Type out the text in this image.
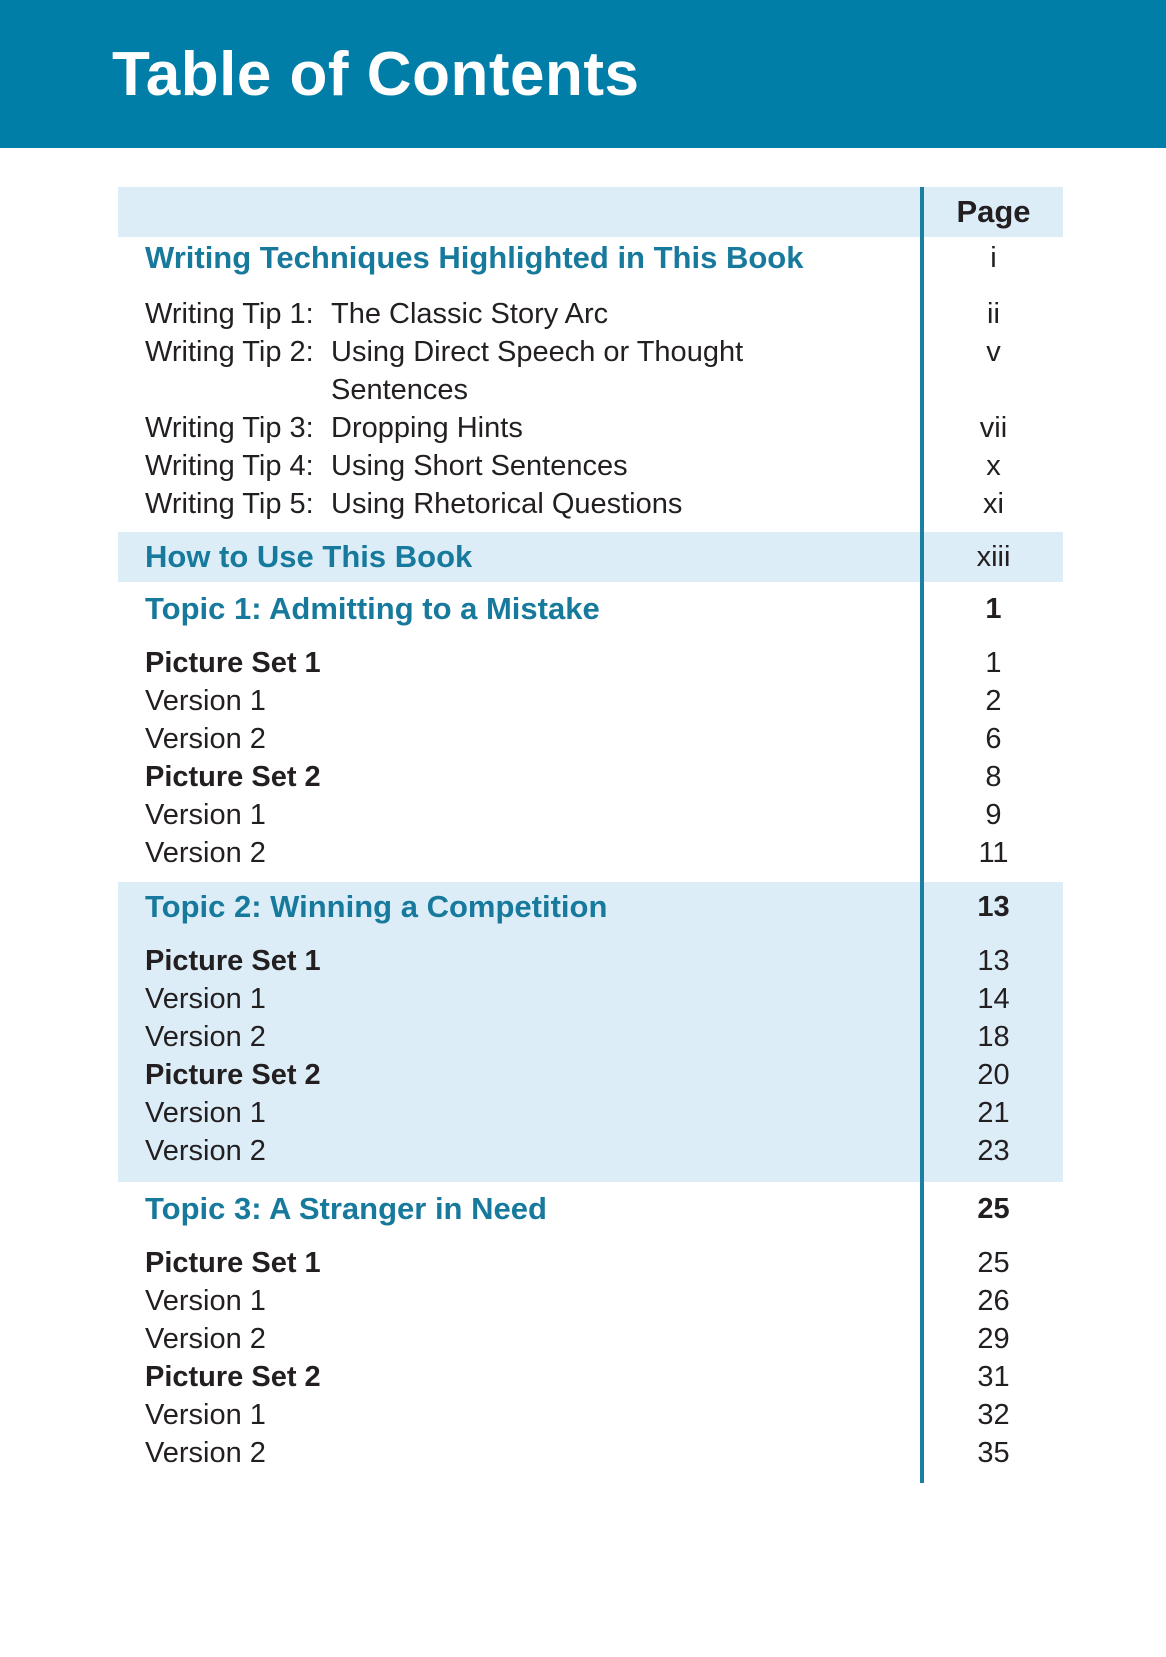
Table of Contents
Page
Writing Techniques Highlighted in This Book	i
Writing Tip 1: The Classic Story Arc	ii
Writing Tip 2: Using Direct Speech or Thought	v
Sentences
Writing Tip 3: Dropping Hints	vii
Writing Tip 4: Using Short Sentences	x
Writing Tip 5: Using Rhetorical Questions	xi
How to Use This Book	xiii
Topic 1: Admitting to a Mistake	1
Picture Set 1	1
Version 1	2
Version 2	6
Picture Set 2	8
Version 1	9
Version 2	11
Topic 2: Winning a Competition	13
Picture Set 1	13
Version 1	14
Version 2	18
Picture Set 2	20
Version 1	21
Version 2	23
Topic 3: A Stranger in Need	25
Picture Set 1	25
Version 1	26
Version 2	29
Picture Set 2	31
Version 1	32
Version 2	35
